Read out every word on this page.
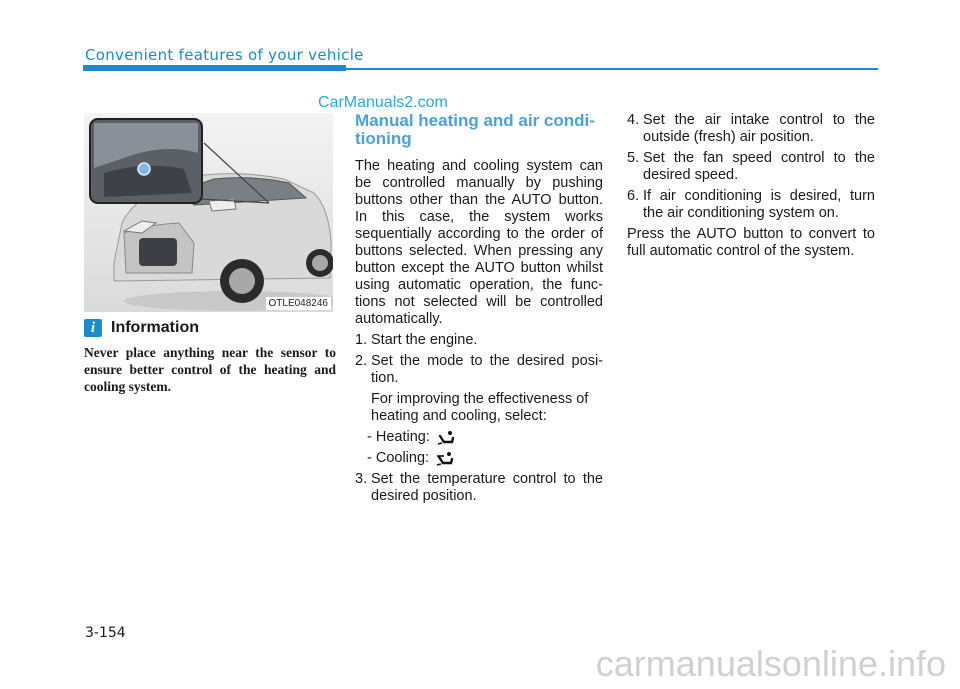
Convenient features of your vehicle
CarManuals2.com
OTLE048246
i Information
Never place anything near the sensor to ensure better control of the heating and cooling system.
Manual heating and air condi- tioning
The heating and cooling system can be controlled manually by pushing buttons other than the AUTO button. In this case, the system works sequentially according to the order of buttons selected. When pressing any button except the AUTO button whilst using automatic operation, the func- tions not selected will be controlled automatically.
1. Start the engine.
2. Set the mode to the desired posi- tion.
For improving the effectiveness of heating and cooling, select:
- Heating:
- Cooling:
3. Set the temperature control to the desired position.
4. Set the air intake control to the outside (fresh) air position.
5. Set the fan speed control to the desired speed.
6. If air conditioning is desired, turn the air conditioning system on.
Press the AUTO button to convert to full automatic control of the system.
3-154
carmanualsonline.info
